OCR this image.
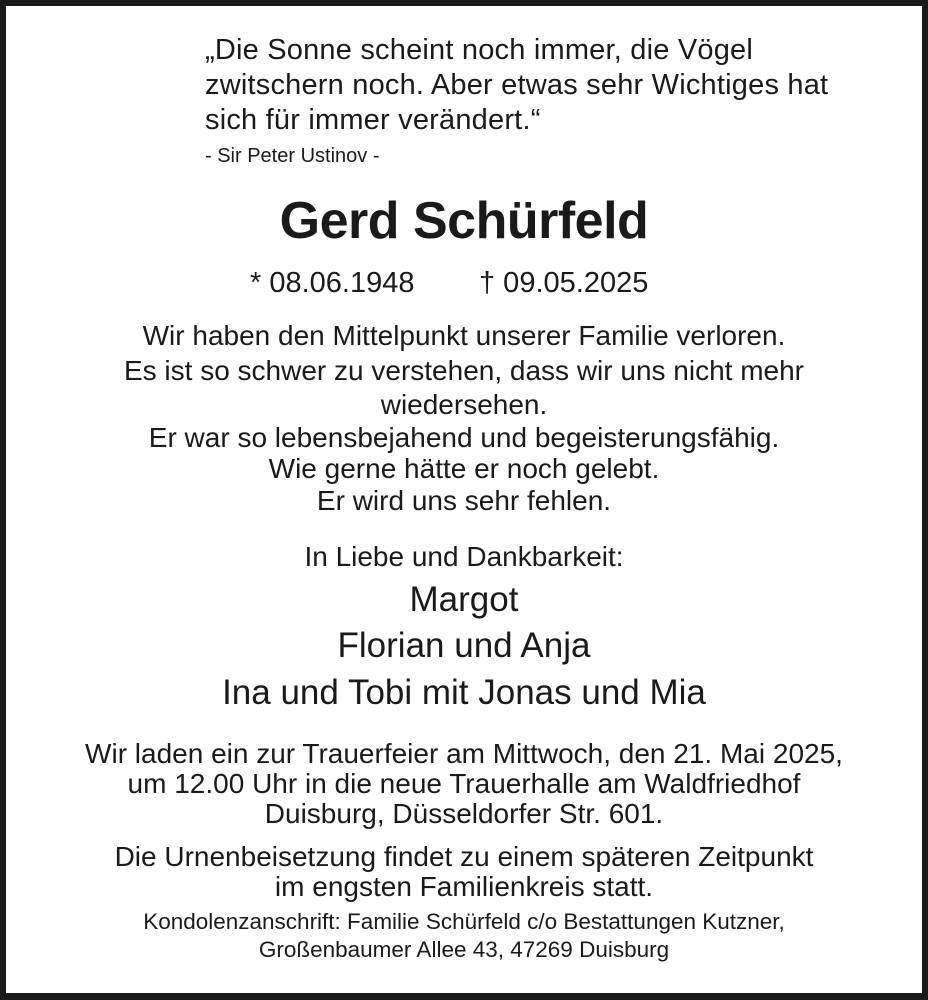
„Die Sonne scheint noch immer, die Vögel
zwitschern noch. Aber etwas sehr Wichtiges hat
sich für immer verändert.“
- Sir Peter Ustinov -
Gerd Schürfeld
* 08.06.1948 † 09.05.2025
Wir haben den Mittelpunkt unserer Familie verloren.
Es ist so schwer zu verstehen, dass wir uns nicht mehr
wiedersehen.
Er war so lebensbejahend und begeisterungsfähig.
Wie gerne hätte er noch gelebt.
Er wird uns sehr fehlen.
In Liebe und Dankbarkeit:
Margot
Florian und Anja
Ina und Tobi mit Jonas und Mia
Wir laden ein zur Trauerfeier am Mittwoch, den 21. Mai 2025,
um 12.00 Uhr in die neue Trauerhalle am Waldfriedhof
Duisburg, Düsseldorfer Str. 601.
Die Urnenbeisetzung findet zu einem späteren Zeitpunkt
im engsten Familienkreis statt.
Kondolenzanschrift: Familie Schürfeld c/o Bestattungen Kutzner,
Großenbaumer Allee 43, 47269 Duisburg
